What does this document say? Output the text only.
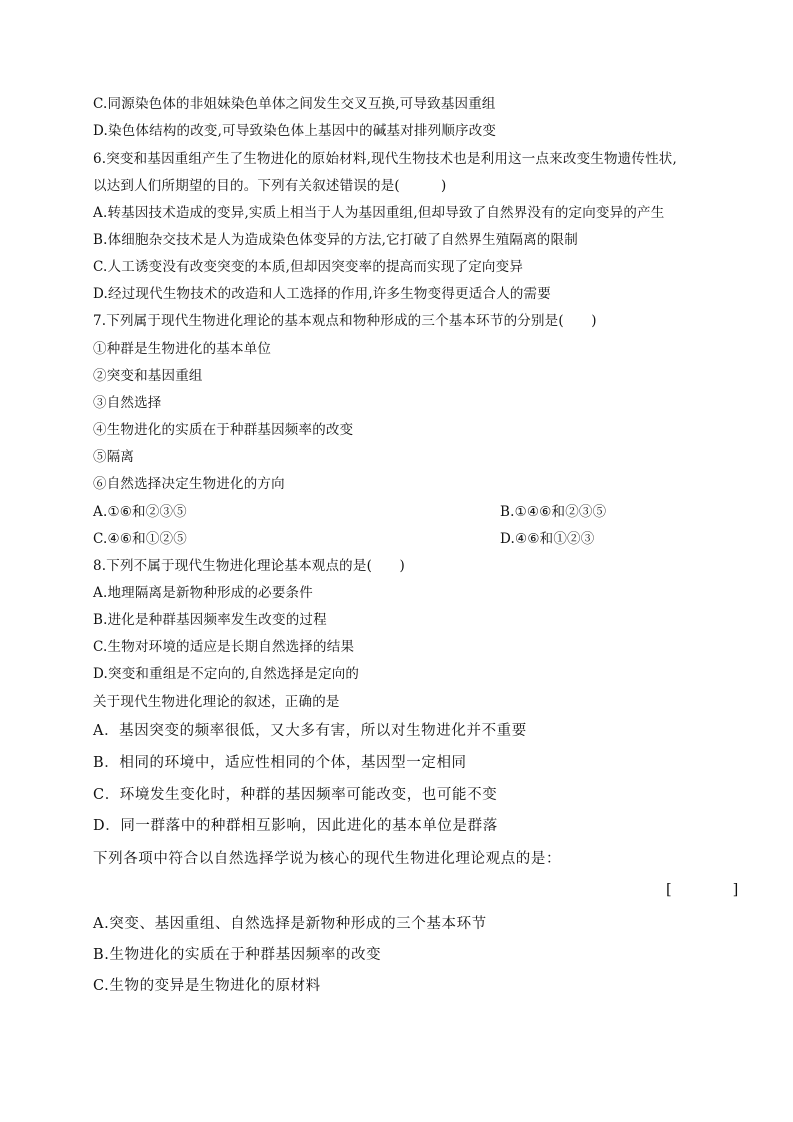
C.同源染色体的非姐妹染色单体之间发生交叉互换,可导致基因重组
D.染色体结构的改变,可导致染色体上基因中的碱基对排列顺序改变
6.突变和基因重组产生了生物进化的原始材料,现代生物技术也是利用这一点来改变生物遗传性状,
以达到人们所期望的目的。下列有关叙述错误的是(　　　)
A.转基因技术造成的变异,实质上相当于人为基因重组,但却导致了自然界没有的定向变异的产生
B.体细胞杂交技术是人为造成染色体变异的方法,它打破了自然界生殖隔离的限制
C.人工诱变没有改变突变的本质,但却因突变率的提高而实现了定向变异
D.经过现代生物技术的改造和人工选择的作用,许多生物变得更适合人的需要
7.下列属于现代生物进化理论的基本观点和物种形成的三个基本环节的分别是(　　)
①种群是生物进化的基本单位
②突变和基因重组
③自然选择
④生物进化的实质在于种群基因频率的改变
⑤隔离
⑥自然选择决定生物进化的方向
A.①⑥和②③⑤	B.①④⑥和②③⑤
C.④⑥和①②⑤	D.④⑥和①②③
8.下列不属于现代生物进化理论基本观点的是(　　)
A.地理隔离是新物种形成的必要条件
B.进化是种群基因频率发生改变的过程
C.生物对环境的适应是长期自然选择的结果
D.突变和重组是不定向的,自然选择是定向的
关于现代生物进化理论的叙述，正确的是
A．基因突变的频率很低，又大多有害，所以对生物进化并不重要
B．相同的环境中，适应性相同的个体，基因型一定相同
C．环境发生变化时，种群的基因频率可能改变，也可能不变
D．同一群落中的种群相互影响，因此进化的基本单位是群落
下列各项中符合以自然选择学说为核心的现代生物进化理论观点的是：
[　　　　]
A.突变、基因重组、自然选择是新物种形成的三个基本环节
B.生物进化的实质在于种群基因频率的改变
C.生物的变异是生物进化的原材料
